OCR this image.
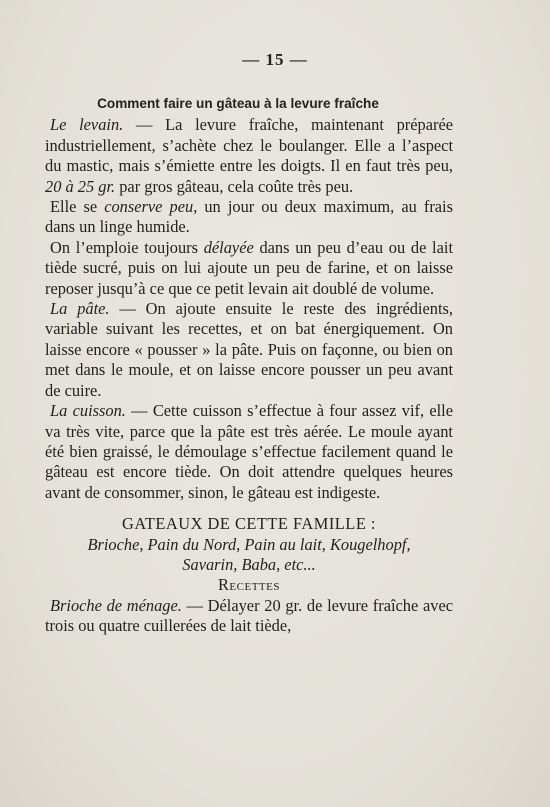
— 15 —
Comment faire un gâteau à la levure fraîche

Le levain. — La levure fraîche, maintenant préparée industriellement, s’achète chez le boulanger. Elle a l’aspect du mastic, mais s’émiette entre les doigts. Il en faut très peu, 20 à 25 gr. par gros gâteau, cela coûte très peu.

Elle se conserve peu, un jour ou deux maximum, au frais dans un linge humide.

On l’emploie toujours délayée dans un peu d’eau ou de lait tiède sucré, puis on lui ajoute un peu de farine, et on laisse reposer jusqu’à ce que ce petit levain ait doublé de volume.

La pâte. — On ajoute ensuite le reste des ingrédients, variable suivant les recettes, et on bat énergiquement. On laisse encore « pousser » la pâte. Puis on façonne, ou bien on met dans le moule, et on laisse encore pousser un peu avant de cuire.

La cuisson. — Cette cuisson s’effectue à four assez vif, elle va très vite, parce que la pâte est très aérée. Le moule ayant été bien graissé, le démoulage s’effectue facilement quand le gâteau est encore tiède. On doit attendre quelques heures avant de consommer, sinon, le gâteau est indigeste.

GATEAUX DE CETTE FAMILLE :

Brioche, Pain du Nord, Pain au lait, Kougelhopf,

Savarin, Baba, etc...

Recettes

Brioche de ménage. — Délayer 20 gr. de levure fraîche avec trois ou quatre cuillerées de lait tiède,
